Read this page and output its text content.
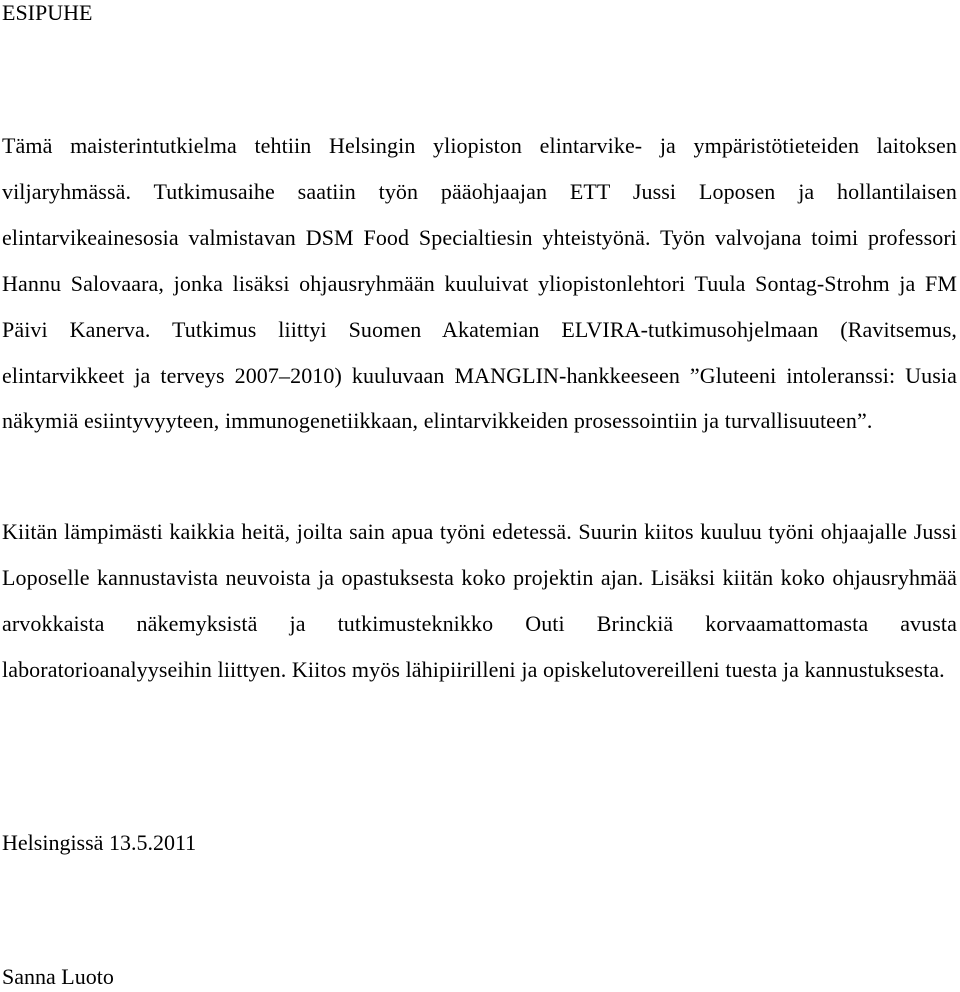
ESIPUHE

Tämä maisterintutkielma tehtiin Helsingin yliopiston elintarvike- ja ympäristötieteiden laitoksen viljaryhmässä. Tutkimusaihe saatiin työn pääohjaajan ETT Jussi Loposen ja hollantilaisen elintarvikeainesosia valmistavan DSM Food Specialtiesin yhteistyönä. Työn valvojana toimi professori Hannu Salovaara, jonka lisäksi ohjausryhmään kuuluivat yliopistonlehtori Tuula Sontag-Strohm ja FM Päivi Kanerva. Tutkimus liittyi Suomen Akatemian ELVIRA-tutkimusohjelmaan (Ravitsemus, elintarvikkeet ja terveys 2007–2010) kuuluvaan MANGLIN-hankkeeseen ”Gluteeni intoleranssi: Uusia näkymiä esiintyvyyteen, immunogenetiikkaan, elintarvikkeiden prosessointiin ja turvallisuuteen”.

Kiitän lämpimästi kaikkia heitä, joilta sain apua työni edetessä. Suurin kiitos kuuluu työni ohjaajalle Jussi Loposelle kannustavista neuvoista ja opastuksesta koko projektin ajan. Lisäksi kiitän koko ohjausryhmää arvokkaista näkemyksistä ja tutkimusteknikko Outi Brinckiä korvaamattomasta avusta laboratorioanalyyseihin liittyen. Kiitos myös lähipiirilleni ja opiskelutovereilleni tuesta ja kannustuksesta.

Helsingissä 13.5.2011

Sanna Luoto
